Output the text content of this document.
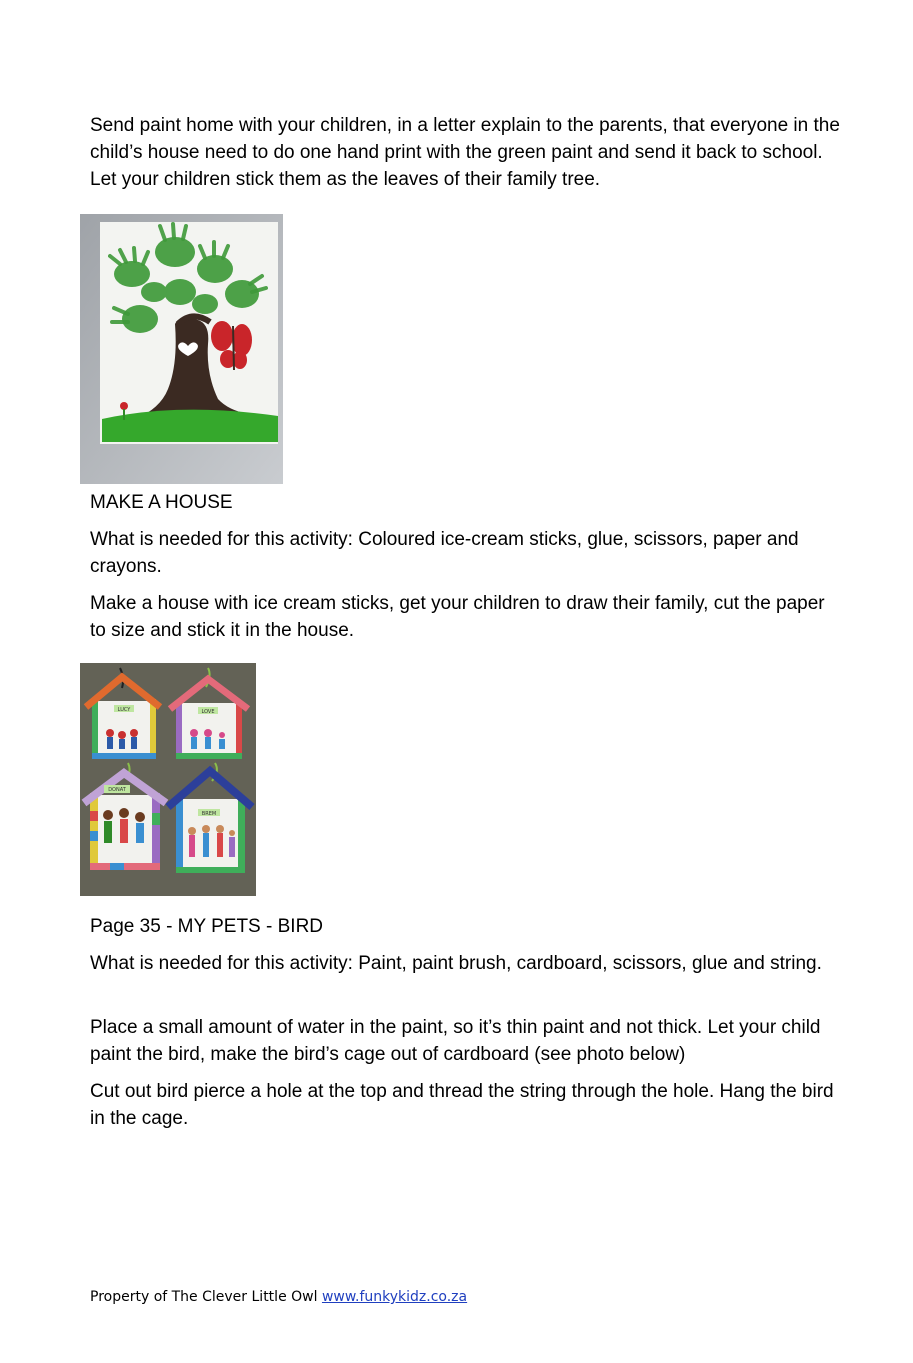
Send paint home with your children, in a letter explain to the parents, that everyone in the child’s house need to do one hand print with the green paint and send it back to school. Let your children stick them as the leaves of their family tree.

MAKE A HOUSE

What is needed for this activity: Coloured ice-cream sticks, glue, scissors, paper and crayons.

Make a house with ice cream sticks, get your children to draw their family, cut the paper to size and stick it in the house.

LUCY	LOVE
DONAT
BREM

Page 35 - MY PETS - BIRD

What is needed for this activity: Paint, paint brush, cardboard, scissors, glue and string.

Place a small amount of water in the paint, so it’s thin paint and not thick. Let your child paint the bird, make the bird’s cage out of cardboard (see photo below)

Cut out bird pierce a hole at the top and thread the string through the hole. Hang the bird in the cage.

Property of The Clever Little Owl www.funkykidz.co.za
